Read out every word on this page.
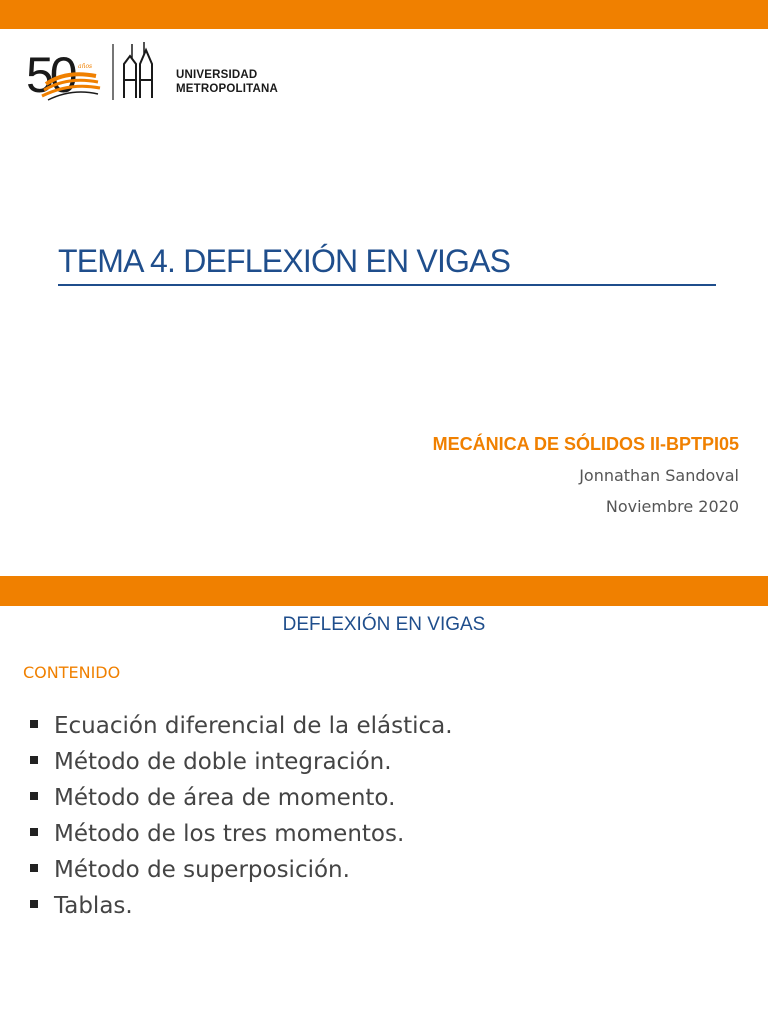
50 años
UNIVERSIDAD
METROPOLITANA
TEMA 4. DEFLEXIÓN EN VIGAS
MECÁNICA DE SÓLIDOS II-BPTPI05
Jonnathan Sandoval
Noviembre 2020
DEFLEXIÓN EN VIGAS
CONTENIDO
Ecuación diferencial de la elástica.
Método de doble integración.
Método de área de momento.
Método de los tres momentos.
Método de superposición.
Tablas.
